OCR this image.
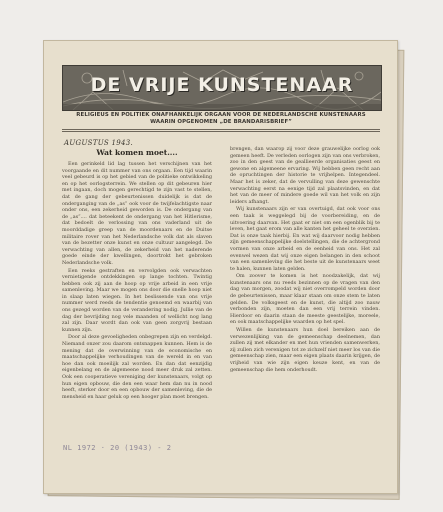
DE VRIJE KUNSTENAAR
RELIGIEUS EN POLITIEK ONAFHANKELIJK ORGAAN VOOR DE NEDERLANDSCHE KUNSTENAARS
WAARIN OPGENOMEN „DE BRANDARISBRIEF”
AUGUSTUS 1943.
Wat komen moet....

Een gerinkeld lid lag tussen het verschijnen van het voorgaande en dit nummer van ons orgaan. Een tijd waarin veel gebeurd is op het gebied van de politieke ontwikkeling en op het oorlogsterrein. We stellen op dit gebeuren hier met ingaan, doch mogen gerechtigd te zijn vast te stellen, dat de gang der gebeurtenissen duidelijk is dat de onderganging van de „as” ook voor de twijfelachtigste naar onder ons, een zekerheid geworden is. De ondergang van de „as”.... dat beteekent de ondergang van het Hitlerisme, dat bedoelt de verlossing van ons vaderland uit de moorddadige greep van de moordenaars en de Duitse militaire rover van het Nederlandsche volk dat als slaven van de bezetter onze kunst en onze cultuur aangelegd. De verwachting van allen, de zekerheid van het naderende goede einde der kwellingen, doortrokt het gebroken Nederlandsche volk.

Een reeks gestraften en vervolgden ook verwachten vernietigende ontdekkingen op lange tochten. Twintig hebben ook zij aan de hoop op vrije arbeid in een vrije samenleving. Maar we mogen ons door die snelle hoop niet in slaap laten wiegen. In het beslissende van ons vrije nummer werd reeds de tendentie genoemd en waarbij van ons gezegd worden van de verandering nodig. Jullie van de dag der bevrijding nog vele maanden of wellicht nog lang zal zijn. Daar wordt dan ook van geen zorgvrij bestaan kunnen zijn.

Door al deze gevoeligheden onbegrepen zijn en verdelgd. Niemand onzer zou daarom ontsnappen kunnen. Hem is de mening dat de overwinning van de economische en maatschappelijke verhoudingen van de wereld in en van hoe dan ook moeilijk zal worden. En dan dat eenzijdig eigenbelang en de algemeene nood meer druk zal zetten. Ook een cooperatieve vereniging der kunstenaars, volgt op hun eigen opbouw, die den een waar hem dan nu in nood heeft, sterker door en een opbouw der samenleving, die de mensheid en haar geluk op een hooger plan moet brengen.

brengen, dan waarop zij voor deze grauwelijke oorlog ook gemeen heeft. De verleden oorlogen zijn van ons verbroken, zoo in den geest van de geallieerde organisaties geest en gewone en algemeene ervaring. Wij hebben geen recht aan de opruchtingen der historie te vrijhelpen. Integendeel. Maar het is zeker, dat de vervulling van deze gewenschte verwachting eerst na eenige tijd zal plaatsvinden, en dat het van de meer of mindere goede wil van het volk en zijn leiders afhangt.

Wij kunstenaars zijn er van overtuigd, dat ook voor ons een taak is weggelegd bij de voorbereiding, en de uitvoering daarvan. Het gaat er niet om een ogenblik bij te leven, het gaat erom van alle kanten het geheel te overzien. Dat is onze taak hierbij. En wat wij daarvoor nodig hebben zijn gemeenschappelijke doelstellingen, die de achtergrond vormen van onze arbeid en de eenheid van ons. Het zal evenwel wezen dat wij onze eigen belangen in den schoot van een samenleving die het beste uit de kunstenaars weet te halen, kunnen laten gelden.

Om zoover te komen is het noodzakelijk, dat wij kunstenaars ons nu reeds bezinnen op de vragen van den dag van morgen, zoodat wij niet overrompeld worden door de gebeurtenissen, maar klaar staan om onze stem te laten gelden. De volksgeest en de kunst, die altijd zoo nauw verbonden zijn, moeten dan een vrij terrein vinden. Hierdoor en daarin staan de meeste geestelijke, moreele, en ook maatschappelijke waarden op het spel.

Willen de kunstenaars hun doel bereiken aan de verwezenlijking van de gemeenschap deelnemen, dan zullen zij met elkander en met hun vrienden samenwerken, zij zullen zich verenigen tot ze zichzelf niet meer los van die gemeenschap zien, maar een eigen plaats daarin krijgen, de vrijheid van wie zijn eigen keuze kent, en van de gemeenschap die hem onderhoudt.

NL 1972 · 20 (1943) - 2
